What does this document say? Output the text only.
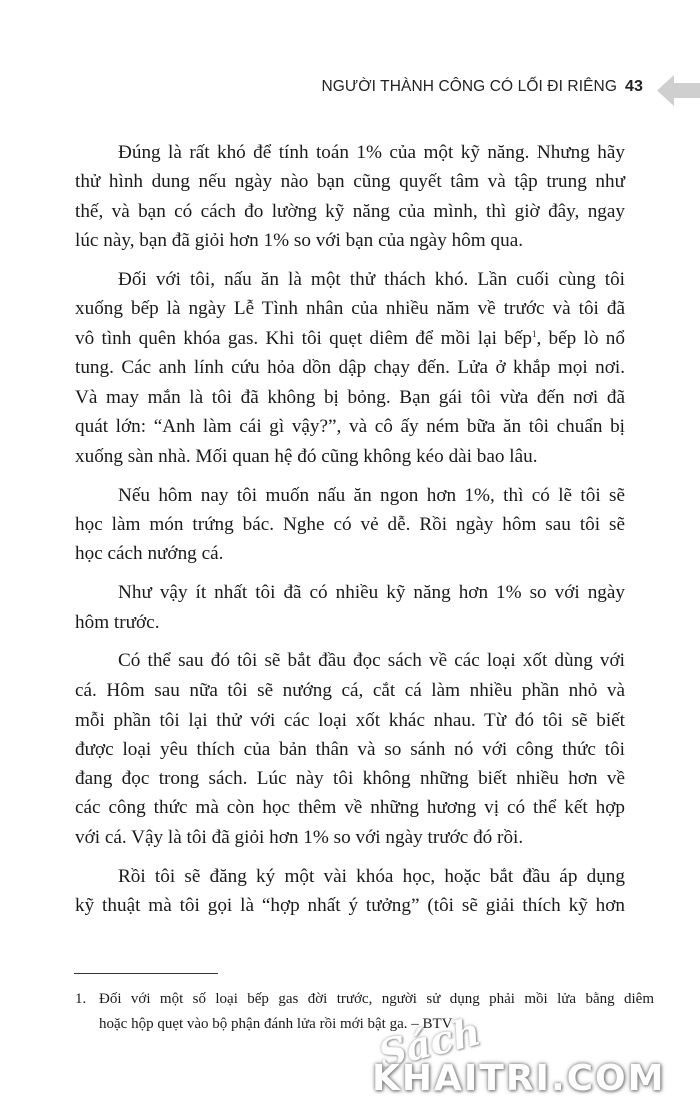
NGƯỜI THÀNH CÔNG CÓ LỐI ĐI RIÊNG 43
Đúng là rất khó để tính toán 1% của một kỹ năng. Nhưng hãy
thử hình dung nếu ngày nào bạn cũng quyết tâm và tập trung như
thế, và bạn có cách đo lường kỹ năng của mình, thì giờ đây, ngay
lúc này, bạn đã giỏi hơn 1% so với bạn của ngày hôm qua.
Đối với tôi, nấu ăn là một thử thách khó. Lần cuối cùng tôi
xuống bếp là ngày Lễ Tình nhân của nhiều năm về trước và tôi đã
vô tình quên khóa gas. Khi tôi quẹt diêm để mồi lại bếp$^1$, bếp lò nổ
tung. Các anh lính cứu hỏa dồn dập chạy đến. Lửa ở khắp mọi nơi.
Và may mắn là tôi đã không bị bỏng. Bạn gái tôi vừa đến nơi đã
quát lớn: “Anh làm cái gì vậy?”, và cô ấy ném bữa ăn tôi chuẩn bị
xuống sàn nhà. Mối quan hệ đó cũng không kéo dài bao lâu.
Nếu hôm nay tôi muốn nấu ăn ngon hơn 1%, thì có lẽ tôi sẽ
học làm món trứng bác. Nghe có vẻ dễ. Rồi ngày hôm sau tôi sẽ
học cách nướng cá.
Như vậy ít nhất tôi đã có nhiều kỹ năng hơn 1% so với ngày
hôm trước.
Có thể sau đó tôi sẽ bắt đầu đọc sách về các loại xốt dùng với
cá. Hôm sau nữa tôi sẽ nướng cá, cắt cá làm nhiều phần nhỏ và
mỗi phần tôi lại thử với các loại xốt khác nhau. Từ đó tôi sẽ biết
được loại yêu thích của bản thân và so sánh nó với công thức tôi
đang đọc trong sách. Lúc này tôi không những biết nhiều hơn về
các công thức mà còn học thêm về những hương vị có thể kết hợp
với cá. Vậy là tôi đã giỏi hơn 1% so với ngày trước đó rồi.
Rồi tôi sẽ đăng ký một vài khóa học, hoặc bắt đầu áp dụng
kỹ thuật mà tôi gọi là “hợp nhất ý tưởng” (tôi sẽ giải thích kỹ hơn
1. Đối với một số loại bếp gas đời trước, người sử dụng phải mồi lửa bằng diêm
hoặc hộp quẹt vào bộ phận đánh lửa rồi mới bật ga. – BTV
Sách
KHAITRI.COM
